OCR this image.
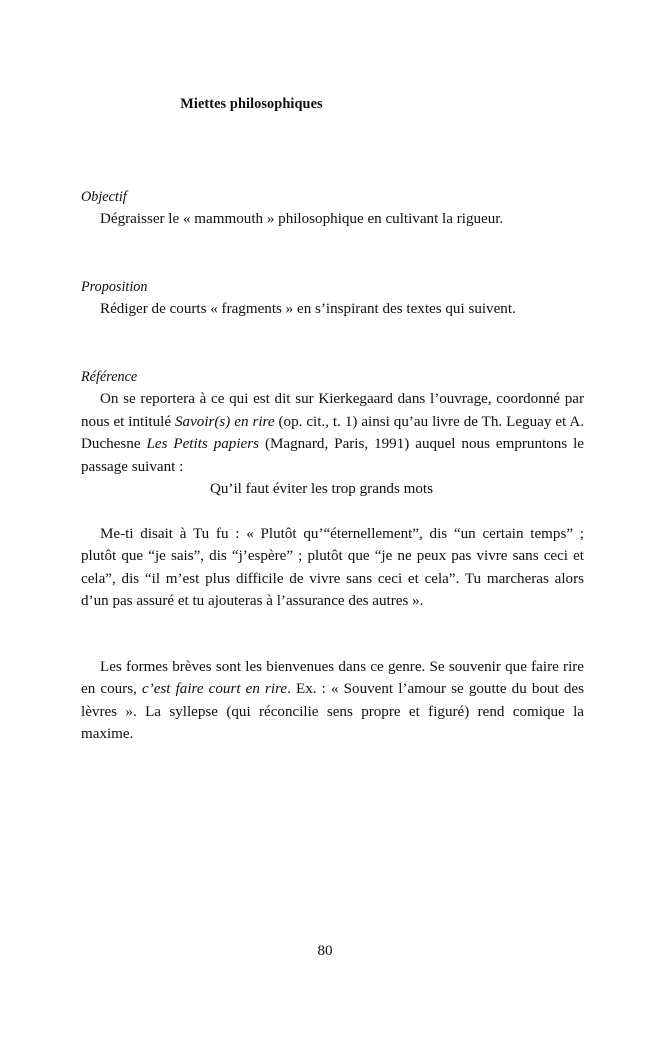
Miettes philosophiques

Objectif

Dégraisser le « mammouth » philosophique en cultivant la rigueur.

Proposition

Rédiger de courts « fragments » en s’inspirant des textes qui suivent.

Référence

On se reportera à ce qui est dit sur Kierkegaard dans l’ouvrage, coordonné par nous et intitulé Savoir(s) en rire (op. cit., t. 1) ainsi qu’au livre de Th. Leguay et A. Duchesne Les Petits papiers (Magnard, Paris, 1991) auquel nous empruntons le passage suivant :

Qu’il faut éviter les trop grands mots

Me-ti disait à Tu fu : « Plutôt qu’“éternellement”, dis “un certain temps” ; plutôt que “je sais”, dis “j’espère” ; plutôt que “je ne peux pas vivre sans ceci et cela”, dis “il m’est plus difficile de vivre sans ceci et cela”. Tu marcheras alors d’un pas assuré et tu ajouteras à l’assurance des autres ».

Les formes brèves sont les bienvenues dans ce genre. Se souvenir que faire rire en cours, c’est faire court en rire. Ex. : « Souvent l’amour se goutte du bout des lèvres ». La syllepse (qui réconcilie sens propre et figuré) rend comique la maxime.

80
